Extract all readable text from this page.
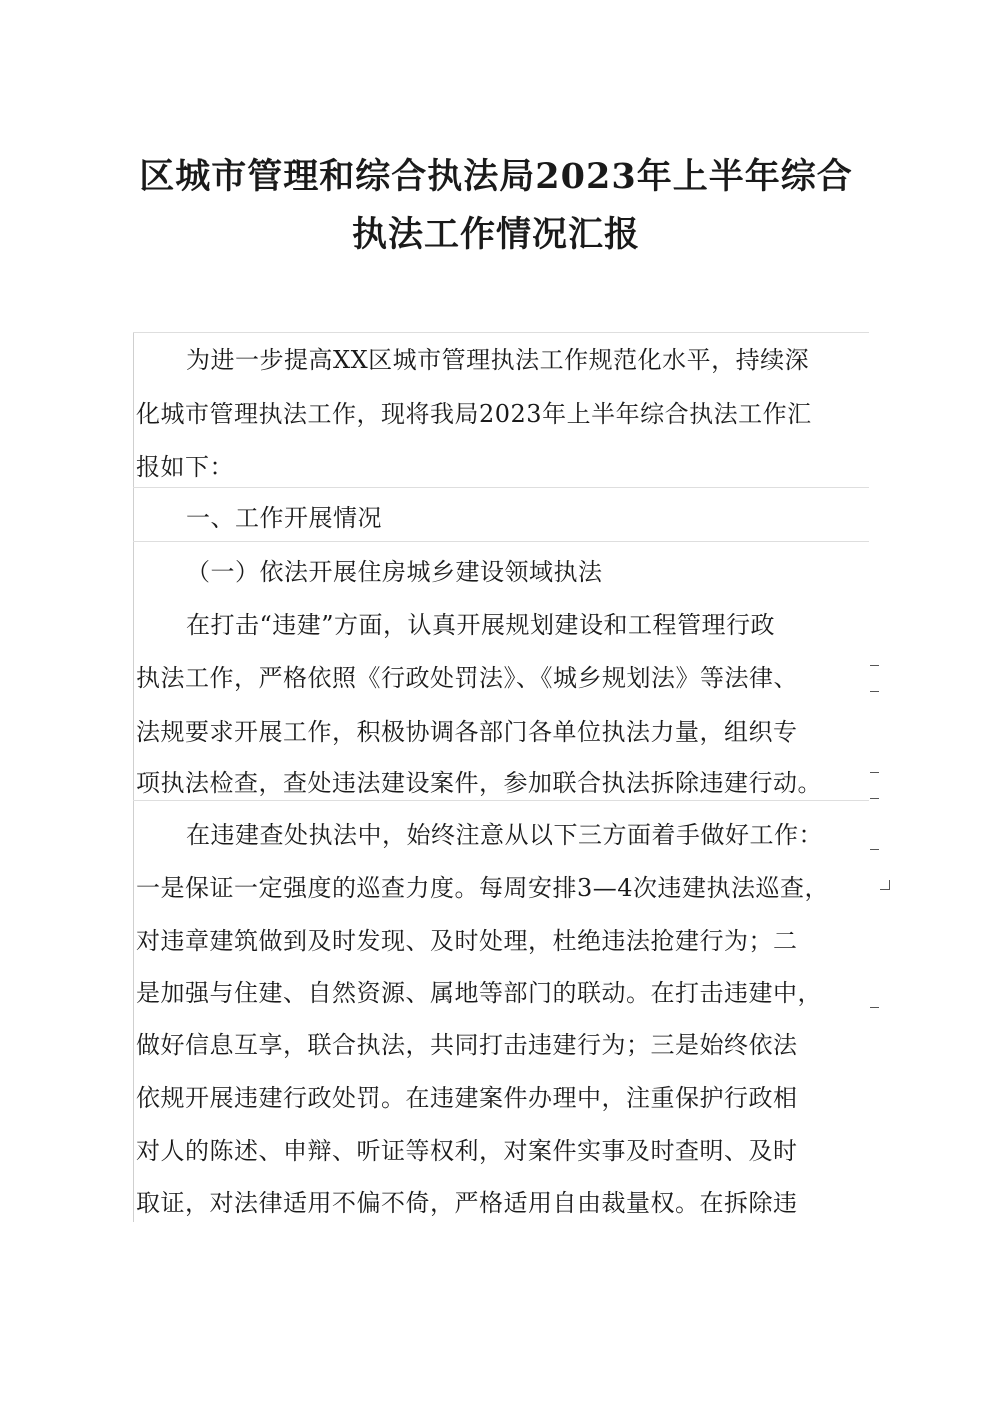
区城市管理和综合执法局2023年上半年综合
执法工作情况汇报
为进一步提高XX区城市管理执法工作规范化水平，持续深
化城市管理执法工作，现将我局2023年上半年综合执法工作汇
报如下：
一、工作开展情况
（一）依法开展住房城乡建设领域执法
在打击“违建”方面，认真开展规划建设和工程管理行政
执法工作，严格依照《行政处罚法》、《城乡规划法》等法律、
法规要求开展工作，积极协调各部门各单位执法力量，组织专
项执法检查，查处违法建设案件，参加联合执法拆除违建行动。
在违建查处执法中，始终注意从以下三方面着手做好工作：
一是保证一定强度的巡查力度。每周安排3—4次违建执法巡查，
对违章建筑做到及时发现、及时处理，杜绝违法抢建行为；二
是加强与住建、自然资源、属地等部门的联动。在打击违建中，
做好信息互享，联合执法，共同打击违建行为；三是始终依法
依规开展违建行政处罚。在违建案件办理中，注重保护行政相
对人的陈述、申辩、听证等权利，对案件实事及时查明、及时
取证，对法律适用不偏不倚，严格适用自由裁量权。在拆除违
